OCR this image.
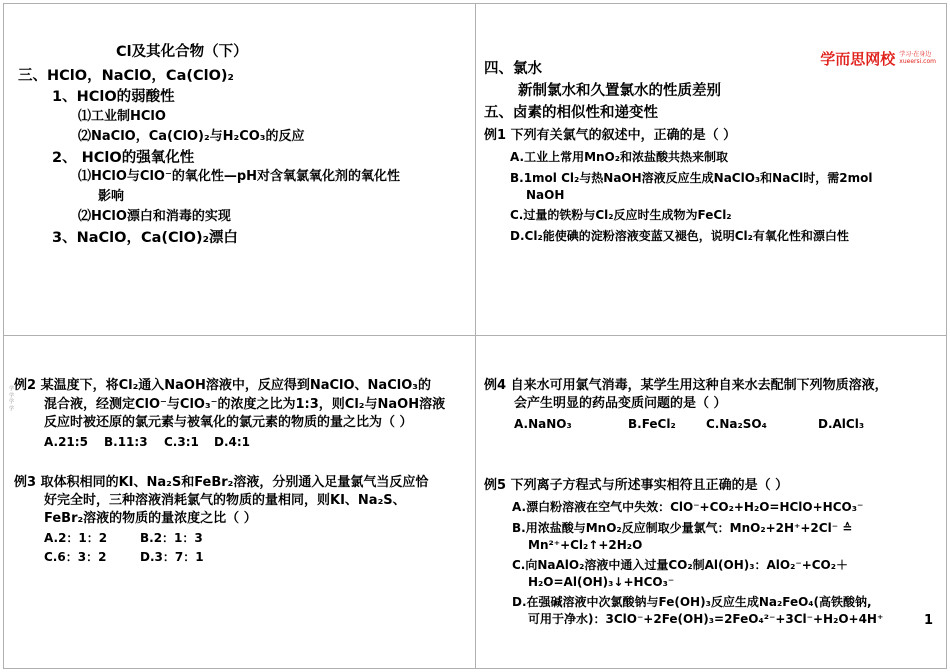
Cl及其化合物（下）
三、HClO，NaClO，Ca(ClO)₂
1、HClO的弱酸性
⑴工业制HClO
⑵NaClO，Ca(ClO)₂与H₂CO₃的反应
2、 HClO的强氧化性
⑴HClO与ClO⁻的氧化性—pH对含氧氯氧化剂的氧化性
影响
⑵HClO漂白和消毒的实现
3、NaClO，Ca(ClO)₂漂白
学而思网校 学习·在身边
xueersi.com
四、氯水
新制氯水和久置氯水的性质差别
五、卤素的相似性和递变性
例1 下列有关氯气的叙述中，正确的是（ ）
A.工业上常用MnO₂和浓盐酸共热来制取
B.1mol Cl₂与热NaOH溶液反应生成NaClO₃和NaCl时，需2mol
NaOH
C.过量的铁粉与Cl₂反应时生成物为FeCl₂
D.Cl₂能使碘的淀粉溶液变蓝又褪色，说明Cl₂有氧化性和漂白性
学
学
学
学
例2 某温度下，将Cl₂通入NaOH溶液中，反应得到NaClO、NaClO₃的
混合液，经测定ClO⁻与ClO₃⁻的浓度之比为1:3，则Cl₂与NaOH溶液
反应时被还原的氯元素与被氧化的氯元素的物质的量之比为（ ）
A.21:5 B.11:3 C.3:1 D.4:1
例3 取体积相同的KI、Na₂S和FeBr₂溶液，分别通入足量氯气当反应恰
好完全时，三种溶液消耗氯气的物质的量相同，则KI、Na₂S、
FeBr₂溶液的物质的量浓度之比（ ）
A.2：1：2	B.2：1：3
C.6：3：2	D.3：7：1
例4 自来水可用氯气消毒，某学生用这种自来水去配制下列物质溶液，
会产生明显的药品变质问题的是（ ）
A.NaNO₃	B.FeCl₂	C.Na₂SO₄	D.AlCl₃
例5 下列离子方程式与所述事实相符且正确的是（ ）
A.漂白粉溶液在空气中失效：ClO⁻+CO₂+H₂O=HClO+HCO₃⁻
B.用浓盐酸与MnO₂反应制取少量氯气：MnO₂+2H⁺+2Cl⁻ ≙
Mn²⁺+Cl₂↑+2H₂O
C.向NaAlO₂溶液中通入过量CO₂制Al(OH)₃：AlO₂⁻+CO₂＋
H₂O=Al(OH)₃↓+HCO₃⁻
D.在强碱溶液中次氯酸钠与Fe(OH)₃反应生成Na₂FeO₄(高铁酸钠,
可用于净水)：3ClO⁻+2Fe(OH)₃=2FeO₄²⁻+3Cl⁻+H₂O+4H⁺	1
